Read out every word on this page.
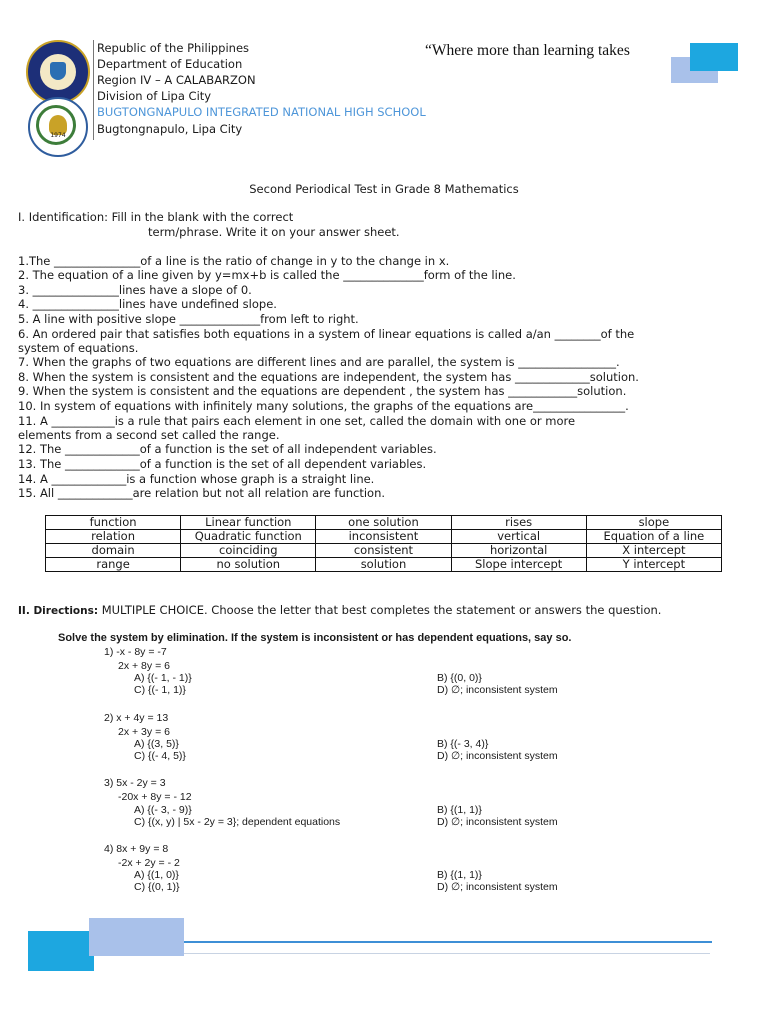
1974
Republic of the Philippines
Department of Education
Region IV – A CALABARZON
Division of Lipa City
BUGTONGNAPULO INTEGRATED NATIONAL HIGH SCHOOL
Bugtongnapulo, Lipa City
“Where more than learning takes
Second Periodical Test in Grade 8 Mathematics
I. Identification: Fill in the blank with the correct
term/phrase. Write it on your answer sheet.
1.The _______________of a line is the ratio of change in y to the change in x.
2. The equation of a line given by y=mx+b is called the ______________form of the line.
3. _______________lines have a slope of 0.
4. _______________lines have undefined slope.
5. A line with positive slope ______________from left to right.
6. An ordered pair that satisfies both equations in a system of linear equations is called a/an ________of the
system of equations.
7. When the graphs of two equations are different lines and are parallel, the system is _________________.
8. When the system is consistent and the equations are independent, the system has _____________solution.
9. When the system is consistent and the equations are dependent , the system has ____________solution.
10. In system of equations with infinitely many solutions, the graphs of the equations are________________.
11. A ___________is a rule that pairs each element in one set, called the domain with one or more
elements from a second set called the range.
12. The _____________of a function is the set of all independent variables.
13. The _____________of a function is the set of all dependent variables.
14. A _____________is a function whose graph is a straight line.
15. All _____________are relation but not all relation are function.
function	Linear function	one solution	rises	slope
relation	Quadratic function	inconsistent	vertical	Equation of a line
domain	coinciding	consistent	horizontal	X intercept
range	no solution	solution	Slope intercept	Y intercept
II. Directions: MULTIPLE CHOICE. Choose the letter that best completes the statement or answers the question.
Solve the system by elimination. If the system is inconsistent or has dependent equations, say so.
1) -x - 8y = -7
2x + 8y = 6
A) {(- 1, - 1)}	B) {(0, 0)}
C) {(- 1, 1)}	D) ∅; inconsistent system
2) x + 4y = 13
2x + 3y = 6
A) {(3, 5)}	B) {(- 3, 4)}
C) {(- 4, 5)}	D) ∅; inconsistent system
3) 5x - 2y = 3
-20x + 8y = - 12
A) {(- 3, - 9)}	B) {(1, 1)}
C) {(x, y) | 5x - 2y = 3}; dependent equations	D) ∅; inconsistent system
4) 8x + 9y = 8
-2x + 2y = - 2
A) {(1, 0)}	B) {(1, 1)}
C) {(0, 1)}	D) ∅; inconsistent system
